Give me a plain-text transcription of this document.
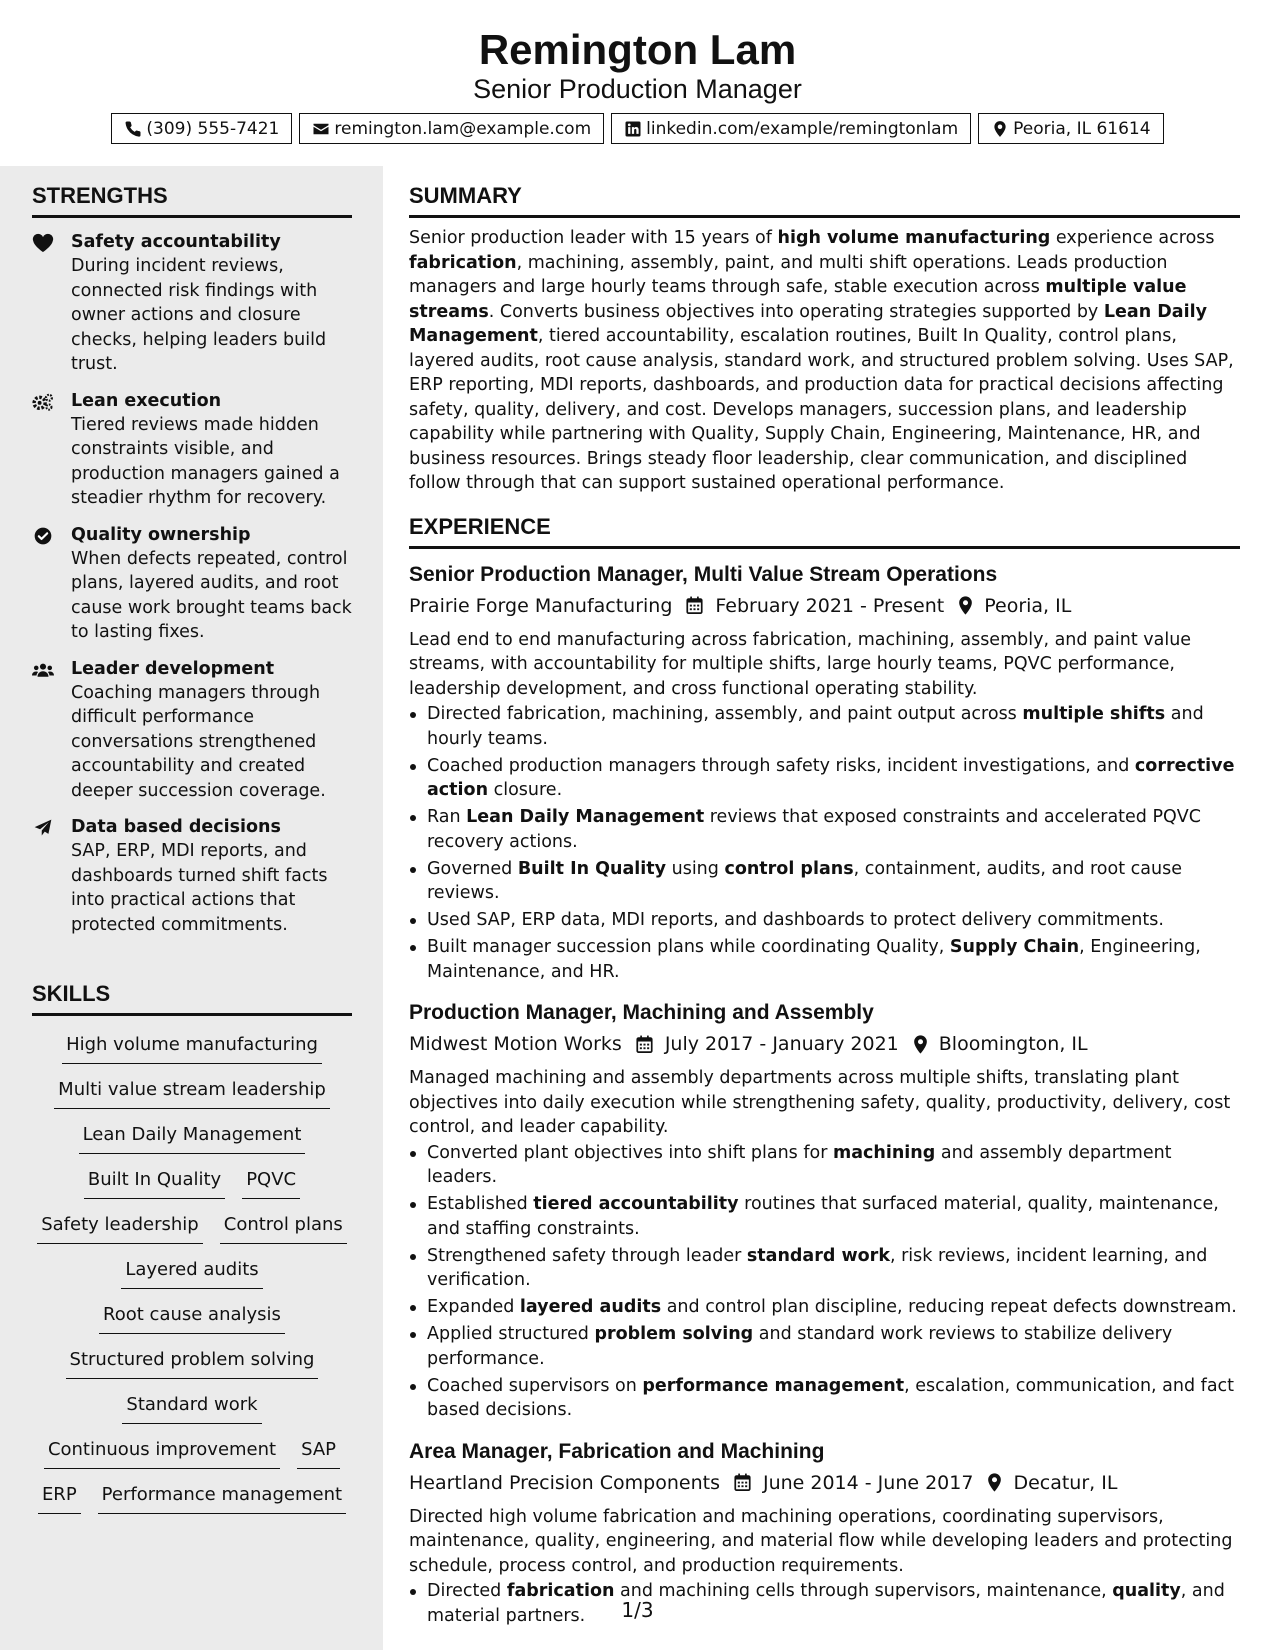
Remington Lam
Senior Production Manager
(309) 555-7421	remington.lam@example.com	linkedin.com/example/remingtonlam	Peoria, IL 61614
STRENGTHS
Safety accountability
During incident reviews, connected risk findings with owner actions and closure checks, helping leaders build trust.
Lean execution
Tiered reviews made hidden constraints visible, and production managers gained a steadier rhythm for recovery.
Quality ownership
When defects repeated, control plans, layered audits, and root cause work brought teams back to lasting fixes.
Leader development
Coaching managers through difficult performance conversations strengthened accountability and created deeper succession coverage.
Data based decisions
SAP, ERP, MDI reports, and dashboards turned shift facts into practical actions that protected commitments.
SKILLS
High volume manufacturing
Multi value stream leadership
Lean Daily Management
Built In Quality PQVC
Safety leadership Control plans
Layered audits
Root cause analysis
Structured problem solving
Standard work
Continuous improvement SAP
ERP Performance management
SUMMARY
Senior production leader with 15 years of high volume manufacturing experience across fabrication, machining, assembly, paint, and multi shift operations. Leads production managers and large hourly teams through safe, stable execution across multiple value streams. Converts business objectives into operating strategies supported by Lean Daily Management, tiered accountability, escalation routines, Built In Quality, control plans, layered audits, root cause analysis, standard work, and structured problem solving. Uses SAP, ERP reporting, MDI reports, dashboards, and production data for practical decisions affecting safety, quality, delivery, and cost. Develops managers, succession plans, and leadership capability while partnering with Quality, Supply Chain, Engineering, Maintenance, HR, and business resources. Brings steady floor leadership, clear communication, and disciplined follow through that can support sustained operational performance.
EXPERIENCE
Senior Production Manager, Multi Value Stream Operations
Prairie Forge Manufacturing February 2021 - Present Peoria, IL
Lead end to end manufacturing across fabrication, machining, assembly, and paint value streams, with accountability for multiple shifts, large hourly teams, PQVC performance, leadership development, and cross functional operating stability.
Directed fabrication, machining, assembly, and paint output across multiple shifts and hourly teams.
Coached production managers through safety risks, incident investigations, and corrective action closure.
Ran Lean Daily Management reviews that exposed constraints and accelerated PQVC recovery actions.
Governed Built In Quality using control plans, containment, audits, and root cause reviews.
Used SAP, ERP data, MDI reports, and dashboards to protect delivery commitments.
Built manager succession plans while coordinating Quality, Supply Chain, Engineering, Maintenance, and HR.
Production Manager, Machining and Assembly
Midwest Motion Works July 2017 - January 2021 Bloomington, IL
Managed machining and assembly departments across multiple shifts, translating plant objectives into daily execution while strengthening safety, quality, productivity, delivery, cost control, and leader capability.
Converted plant objectives into shift plans for machining and assembly department leaders.
Established tiered accountability routines that surfaced material, quality, maintenance, and staffing constraints.
Strengthened safety through leader standard work, risk reviews, incident learning, and verification.
Expanded layered audits and control plan discipline, reducing repeat defects downstream.
Applied structured problem solving and standard work reviews to stabilize delivery performance.
Coached supervisors on performance management, escalation, communication, and fact based decisions.
Area Manager, Fabrication and Machining
Heartland Precision Components June 2014 - June 2017 Decatur, IL
Directed high volume fabrication and machining operations, coordinating supervisors, maintenance, quality, engineering, and material flow while developing leaders and protecting schedule, process control, and production requirements.
Directed fabrication and machining cells through supervisors, maintenance, quality, and material partners.	1/3
